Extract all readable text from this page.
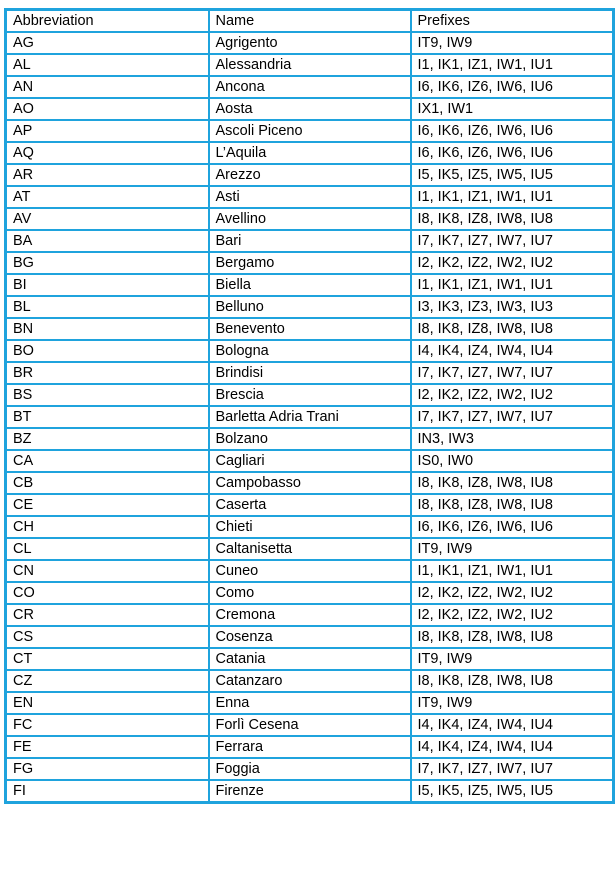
Abbreviation	Name	Prefixes
AG	Agrigento	IT9, IW9
AL	Alessandria	I1, IK1, IZ1, IW1, IU1
AN	Ancona	I6, IK6, IZ6, IW6, IU6
AO	Aosta	IX1, IW1
AP	Ascoli Piceno	I6, IK6, IZ6, IW6, IU6
AQ	L’Aquila	I6, IK6, IZ6, IW6, IU6
AR	Arezzo	I5, IK5, IZ5, IW5, IU5
AT	Asti	I1, IK1, IZ1, IW1, IU1
AV	Avellino	I8, IK8, IZ8, IW8, IU8
BA	Bari	I7, IK7, IZ7, IW7, IU7
BG	Bergamo	I2, IK2, IZ2, IW2, IU2
BI	Biella	I1, IK1, IZ1, IW1, IU1
BL	Belluno	I3, IK3, IZ3, IW3, IU3
BN	Benevento	I8, IK8, IZ8, IW8, IU8
BO	Bologna	I4, IK4, IZ4, IW4, IU4
BR	Brindisi	I7, IK7, IZ7, IW7, IU7
BS	Brescia	I2, IK2, IZ2, IW2, IU2
BT	Barletta Adria Trani	I7, IK7, IZ7, IW7, IU7
BZ	Bolzano	IN3, IW3
CA	Cagliari	IS0, IW0
CB	Campobasso	I8, IK8, IZ8, IW8, IU8
CE	Caserta	I8, IK8, IZ8, IW8, IU8
CH	Chieti	I6, IK6, IZ6, IW6, IU6
CL	Caltanisetta	IT9, IW9
CN	Cuneo	I1, IK1, IZ1, IW1, IU1
CO	Como	I2, IK2, IZ2, IW2, IU2
CR	Cremona	I2, IK2, IZ2, IW2, IU2
CS	Cosenza	I8, IK8, IZ8, IW8, IU8
CT	Catania	IT9, IW9
CZ	Catanzaro	I8, IK8, IZ8, IW8, IU8
EN	Enna	IT9, IW9
FC	Forlì Cesena	I4, IK4, IZ4, IW4, IU4
FE	Ferrara	I4, IK4, IZ4, IW4, IU4
FG	Foggia	I7, IK7, IZ7, IW7, IU7
FI	Firenze	I5, IK5, IZ5, IW5, IU5
